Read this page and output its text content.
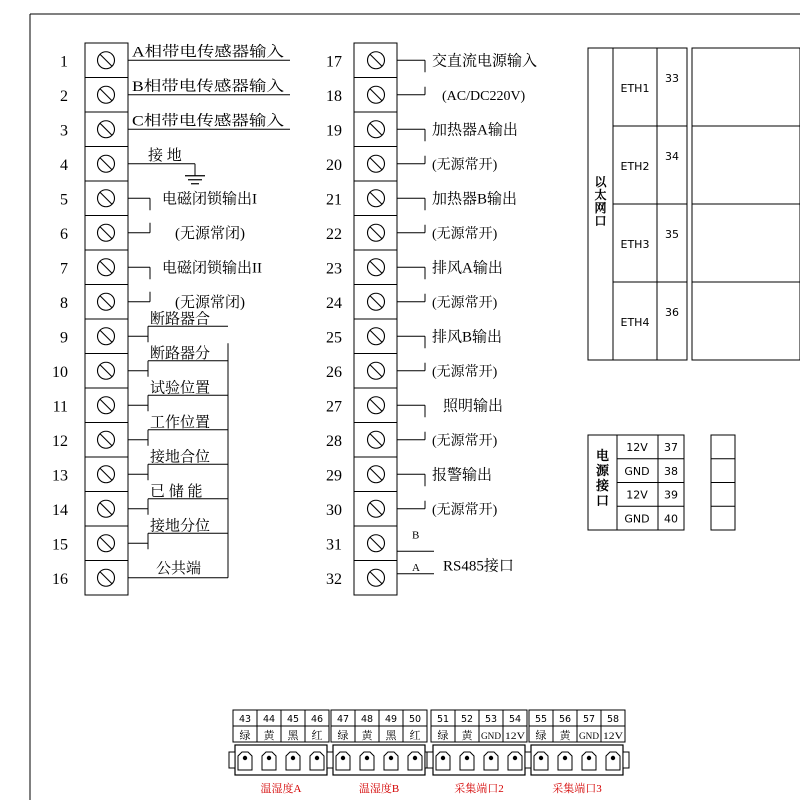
1
2
3
4
5
6
7
8
9
10
11
12
13
14
15
16
A相带电传感器输入
B相带电传感器输入
C相带电传感器输入
接 地
电磁闭锁输出I
(无源常闭)
电磁闭锁输出II
(无源常闭)
断路器合
断路器分
试验位置
工作位置
接地合位
已 储 能
接地分位
公共端
17
18
19
20
21
22
23
24
25
26
27
28
29
30
31
32
交直流电源输入
(AC/DC220V)
加热器A输出
(无源常开)
加热器B输出
(无源常开)
排风A输出
(无源常开)
排风B输出
(无源常开)
照明输出
(无源常开)
报警输出
(无源常开)
B
A RS485接口
以
太
网
口
ETH1
33
ETH2
34
ETH3
35
ETH4
36
电
源
接
口
12V 37
GND 38
12V 39
GND 40
43
绿
44
黄
45
黑
46
红
温湿度A
47
绿
48
黄
49
黑
50
红
温湿度B
51
绿
52
黄
53
GND
54
12V
采集端口2
55
绿
56
黄
57
GND
58
12V
采集端口3
